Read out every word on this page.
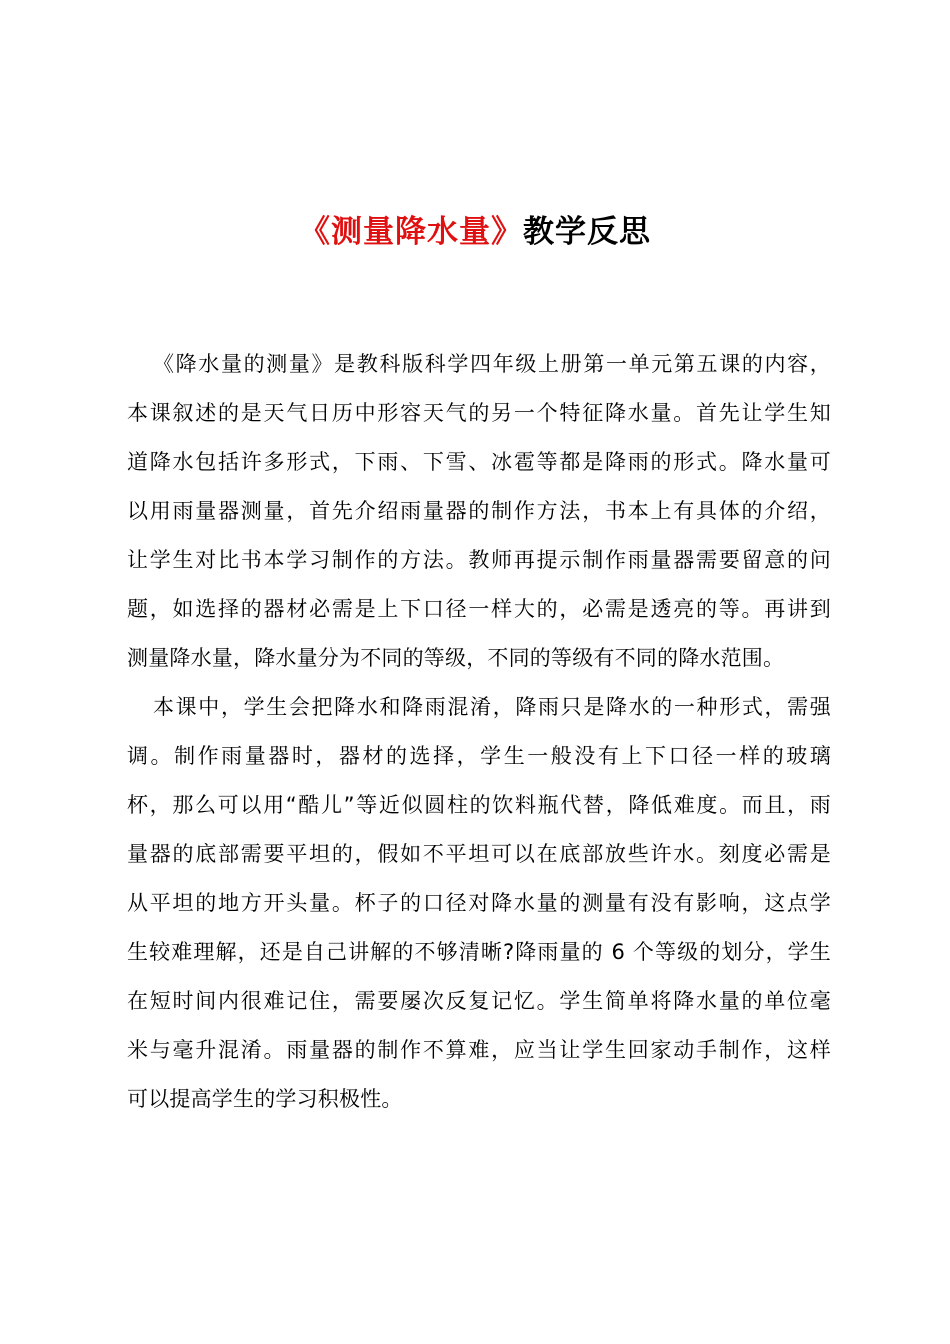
《测量降水量》教学反思
《降水量的测量》是教科版科学四年级上册第一单元第五课的内容，
本课叙述的是天气日历中形容天气的另一个特征降水量。首先让学生知
道降水包括许多形式，下雨、下雪、冰雹等都是降雨的形式。降水量可
以用雨量器测量，首先介绍雨量器的制作方法，书本上有具体的介绍，
让学生对比书本学习制作的方法。教师再提示制作雨量器需要留意的问
题，如选择的器材必需是上下口径一样大的，必需是透亮的等。再讲到
测量降水量，降水量分为不同的等级，不同的等级有不同的降水范围。
本课中，学生会把降水和降雨混淆，降雨只是降水的一种形式，需强
调。制作雨量器时，器材的选择，学生一般没有上下口径一样的玻璃
杯，那么可以用“酷儿”等近似圆柱的饮料瓶代替，降低难度。而且，雨
量器的底部需要平坦的，假如不平坦可以在底部放些许水。刻度必需是
从平坦的地方开头量。杯子的口径对降水量的测量有没有影响，这点学
生较难理解，还是自己讲解的不够清晰?降雨量的 6 个等级的划分，学生
在短时间内很难记住，需要屡次反复记忆。学生简单将降水量的单位毫
米与毫升混淆。雨量器的制作不算难，应当让学生回家动手制作，这样
可以提高学生的学习积极性。
